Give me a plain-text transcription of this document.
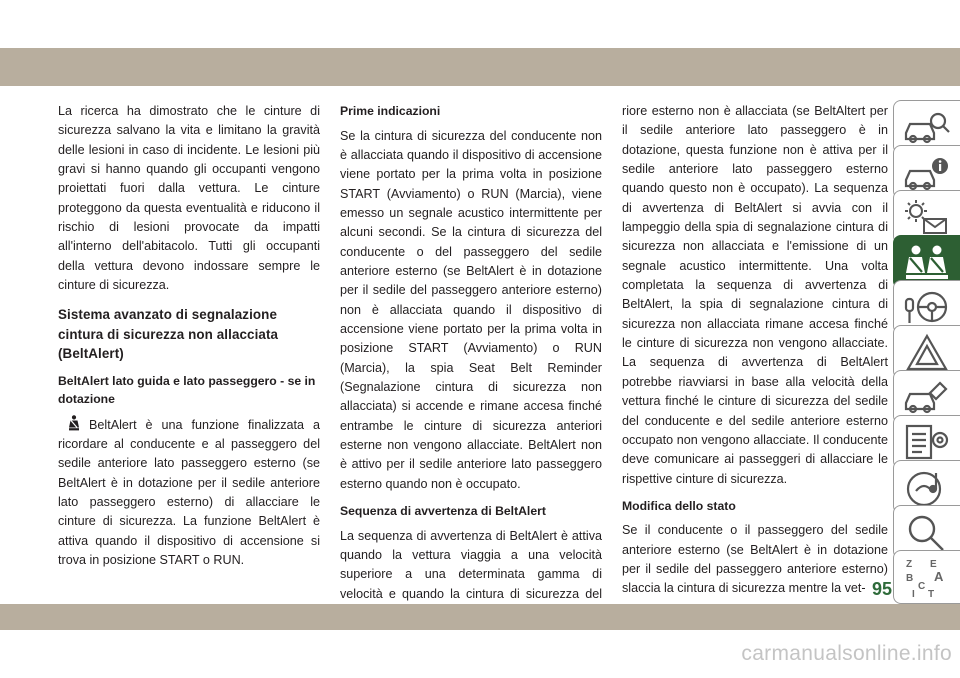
La ricerca ha dimostrato che le cinture di sicurezza salvano la vita e limitano la gravità delle lesioni in caso di incidente. Le lesioni più gravi si hanno quando gli occupanti vengono proiettati fuori dalla vettura. Le cinture proteggono da questa eventualità e riducono il rischio di lesioni provocate da impatti all'interno dell'abitacolo. Tutti gli occupanti della vettura devono indossare sempre le cinture di sicurezza.

Sistema avanzato di segnalazione cintura di sicurezza non allacciata (BeltAlert)
BeltAlert lato guida e lato passeggero - se in dotazione

BeltAlert è una funzione finalizzata a ricordare al conducente e al passeggero del sedile anteriore lato passeggero esterno (se BeltAlert è in dotazione per il sedile anteriore lato passeggero esterno) di allacciare le cinture di sicurezza. La funzione BeltAlert è attiva quando il dispositivo di accensione si trova in posizione START o RUN.

Prime indicazioni

Se la cintura di sicurezza del conducente non è allacciata quando il dispositivo di accensione viene portato per la prima volta in posizione START (Avviamento) o RUN (Marcia), viene emesso un segnale acustico intermittente per alcuni secondi. Se la cintura di sicurezza del conducente o del passeggero del sedile anteriore esterno (se BeltAlert è in dotazione per il sedile del passeggero anteriore esterno) non è allacciata quando il dispositivo di accensione viene portato per la prima volta in posizione START (Avviamento) o RUN (Marcia), la spia Seat Belt Reminder (Segnalazione cintura di sicurezza non allacciata) si accende e rimane accesa finché entrambe le cinture di sicurezza anteriori esterne non vengono allacciate. BeltAlert non è attivo per il sedile anteriore lato passeggero esterno quando non è occupato.

Sequenza di avvertenza di BeltAlert

La sequenza di avvertenza di BeltAlert è attiva quando la vettura viaggia a una velocità superiore a una determinata gamma di velocità e quando la cintura di sicurezza del

riore esterno non è allacciata (se BeltAltert per il sedile anteriore lato passeggero è in dotazione, questa funzione non è attiva per il sedile anteriore lato passeggero esterno quando questo non è occupato). La sequenza di avvertenza di BeltAlert si avvia con il lampeggio della spia di segnalazione cintura di sicurezza non allacciata e l'emissione di un segnale acustico intermittente. Una volta completata la sequenza di avvertenza di BeltAlert, la spia di segnalazione cintura di sicurezza non allacciata rimane accesa finché le cinture di sicurezza non vengono allacciate. La sequenza di avvertenza di BeltAlert potrebbe riavviarsi in base alla velocità della vettura finché le cinture di sicurezza del sedile del conducente e del sedile anteriore esterno occupato non vengono allacciate. Il conducente deve comunicare ai passeggeri di allacciare le rispettive cinture di sicurezza.

Modifica dello stato

Se il conducente o il passeggero del sedile anteriore esterno (se BeltAlert è in dotazione per il sedile del passeggero anteriore esterno) slaccia la cintura di sicurezza mentre la vet-

Z E
B A
C
I T
95
carmanualsonline.info
